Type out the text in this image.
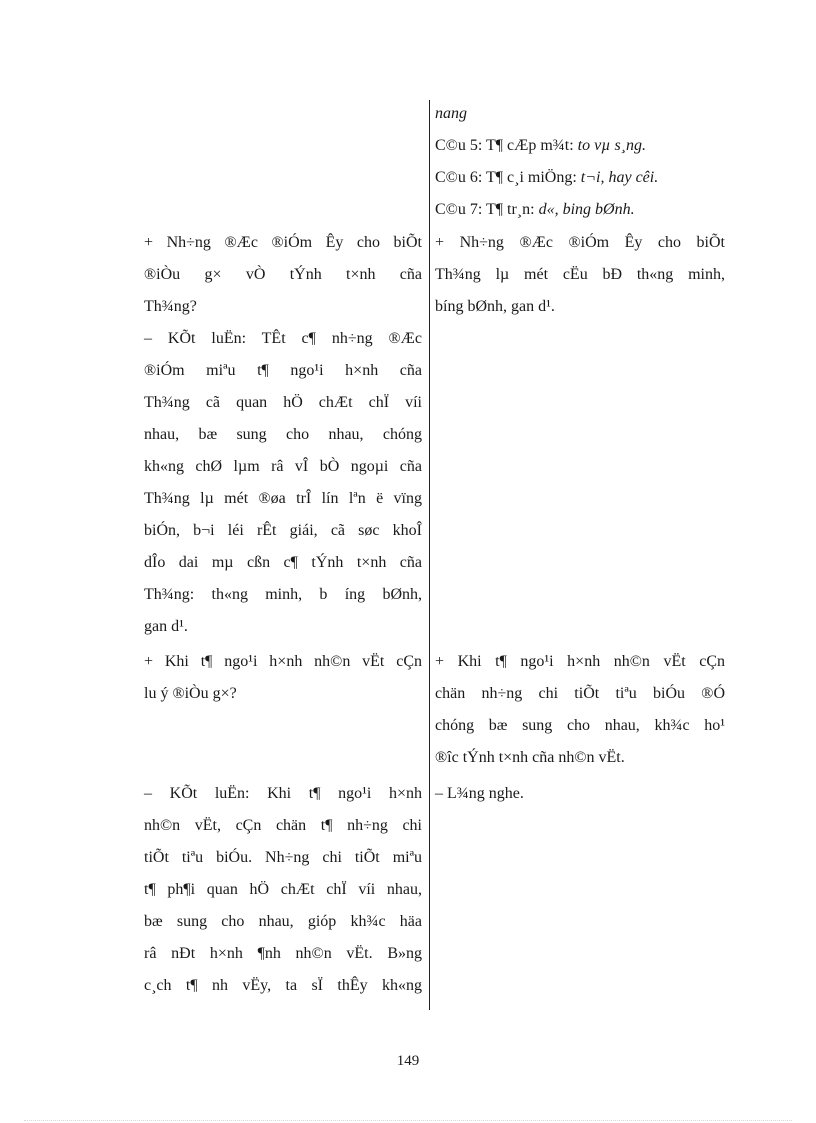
nang
C©u 5: T¶ cÆp m¾t: to vµ s¸ng.
C©u 6: T¶ c¸i miÖng: t¬i, hay cêi.
C©u 7: T¶ tr¸n: d«, bing bØnh.
+ Nh÷ng ®Æc ®iÓm Êy cho biÕt
®iÒu g× vÒ tÝnh t×nh cña
Th¾ng?
– KÕt luËn: TÊt c¶ nh÷ng ®Æc
®iÓm miªu t¶ ngo¹i h×nh cña
Th¾ng cã quan hÖ chÆt chÏ víi
nhau, bæ sung cho nhau, chóng
kh«ng chØ lµm râ vÎ bÒ ngoµi cña
Th¾ng lµ mét ®øa trÎ lín lªn ë vïng
biÓn, b¬i léi rÊt giái, cã søc khoÎ
dÎo dai mµ cßn c¶ tÝnh t×nh cña
Th¾ng: th«ng minh, b íng bØnh,
gan d¹.
+ Nh÷ng ®Æc ®iÓm Êy cho biÕt
Th¾ng lµ mét cËu bÐ th«ng minh,
bíng bØnh, gan d¹.
+ Khi t¶ ngo¹i h×nh nh©n vËt cÇn
lu ý ®iÒu g×?
+ Khi t¶ ngo¹i h×nh nh©n vËt cÇn
chän nh÷ng chi tiÕt tiªu biÓu ®Ó
chóng bæ sung cho nhau, kh¾c ho¹
®îc tÝnh t×nh cña nh©n vËt.
– KÕt luËn: Khi t¶ ngo¹i h×nh
nh©n vËt, cÇn chän t¶ nh÷ng chi
tiÕt tiªu biÓu. Nh÷ng chi tiÕt miªu
t¶ ph¶i quan hÖ chÆt chÏ víi nhau,
bæ sung cho nhau, gióp kh¾c häa
râ nÐt h×nh ¶nh nh©n vËt. B»ng
c¸ch t¶ nh vËy, ta sÏ thÊy kh«ng
– L¾ng nghe.
149
